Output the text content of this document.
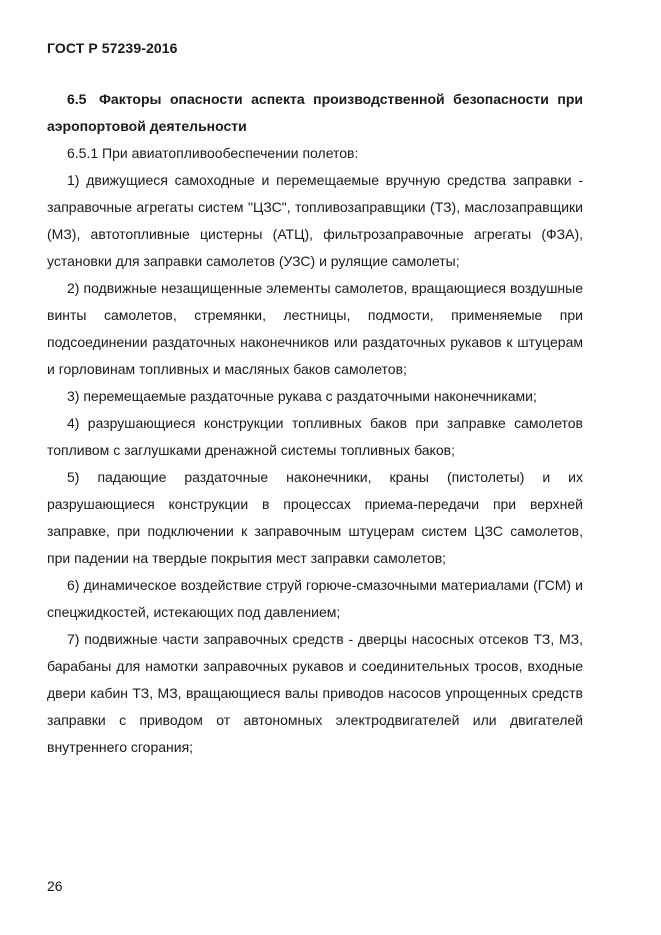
ГОСТ Р 57239-2016

6.5 Факторы опасности аспекта производственной безопасности при аэропортовой деятельности

6.5.1 При авиатопливообеспечении полетов:

1) движущиеся самоходные и перемещаемые вручную средства заправки - заправочные агрегаты систем "ЦЗС", топливозаправщики (ТЗ), маслозаправщики (МЗ), автотопливные цистерны (АТЦ), фильтрозаправочные агрегаты (ФЗА), установки для заправки самолетов (УЗС) и рулящие самолеты;

2) подвижные незащищенные элементы самолетов, вращающиеся воздушные винты самолетов, стремянки, лестницы, подмости, применяемые при подсоединении раздаточных наконечников или раздаточных рукавов к штуцерам и горловинам топливных и масляных баков самолетов;

3) перемещаемые раздаточные рукава с раздаточными наконечниками;

4) разрушающиеся конструкции топливных баков при заправке самолетов топливом с заглушками дренажной системы топливных баков;

5) падающие раздаточные наконечники, краны (пистолеты) и их разрушающиеся конструкции в процессах приема-передачи при верхней заправке, при подключении к заправочным штуцерам систем ЦЗС самолетов, при падении на твердые покрытия мест заправки самолетов;

6) динамическое воздействие струй горюче-смазочными материалами (ГСМ) и спецжидкостей, истекающих под давлением;

7) подвижные части заправочных средств - дверцы насосных отсеков ТЗ, МЗ, барабаны для намотки заправочных рукавов и соединительных тросов, входные двери кабин ТЗ, МЗ, вращающиеся валы приводов насосов упрощенных средств заправки с приводом от автономных электродвигателей или двигателей внутреннего сгорания;

26
